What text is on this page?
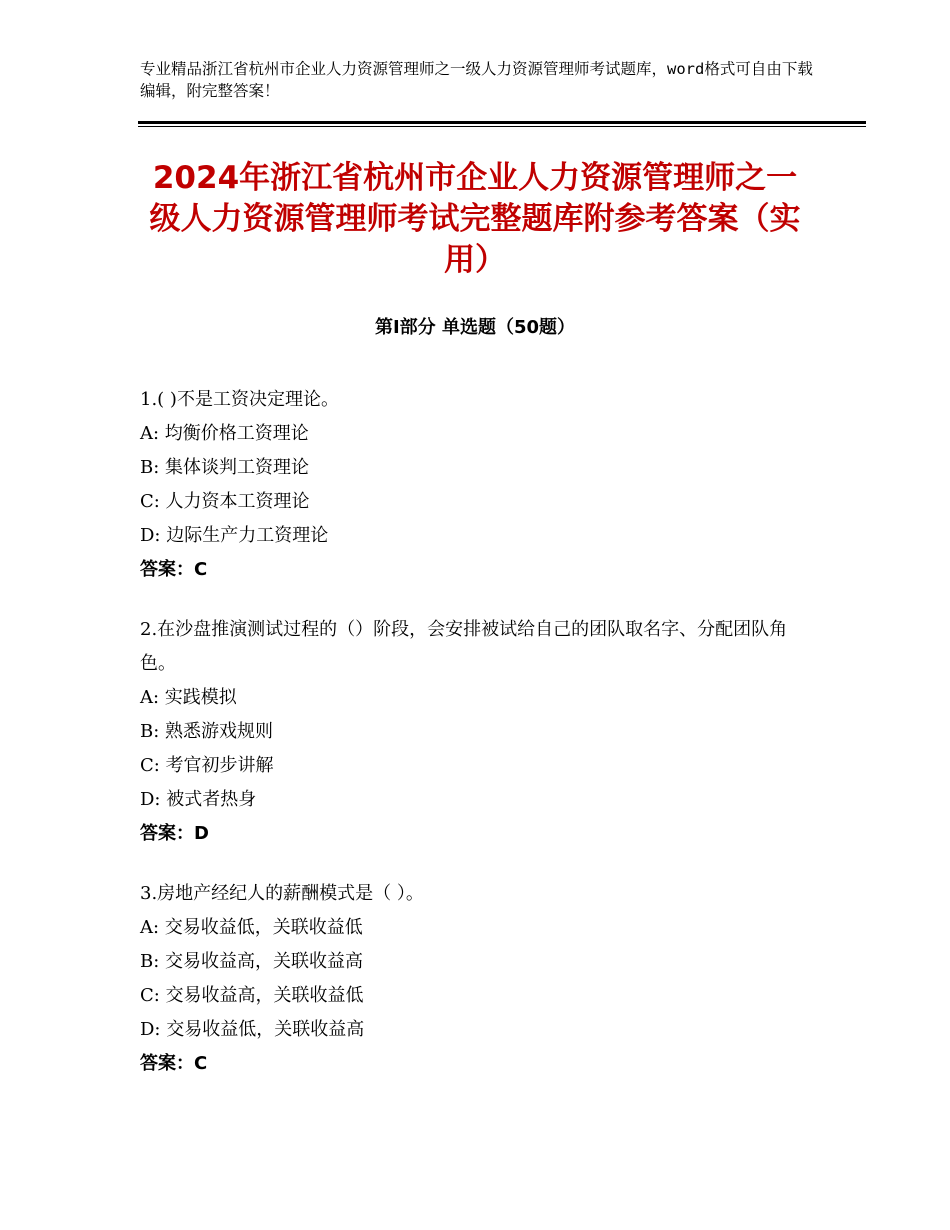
专业精品浙江省杭州市企业人力资源管理师之一级人力资源管理师考试题库，word格式可自由下载编辑，附完整答案！
2024年浙江省杭州市企业人力资源管理师之一级人力资源管理师考试完整题库附参考答案（实用）
第Ⅰ部分 单选题（50题）
1.( )不是工资决定理论。
A: 均衡价格工资理论
B: 集体谈判工资理论
C: 人力资本工资理论
D: 边际生产力工资理论
答案：C
2.在沙盘推演测试过程的（）阶段，会安排被试给自己的团队取名字、分配团队角色。
A: 实践模拟
B: 熟悉游戏规则
C: 考官初步讲解
D: 被式者热身
答案：D
3.房地产经纪人的薪酬模式是（ ）。
A: 交易收益低，关联收益低
B: 交易收益高，关联收益高
C: 交易收益高，关联收益低
D: 交易收益低，关联收益高
答案：C
